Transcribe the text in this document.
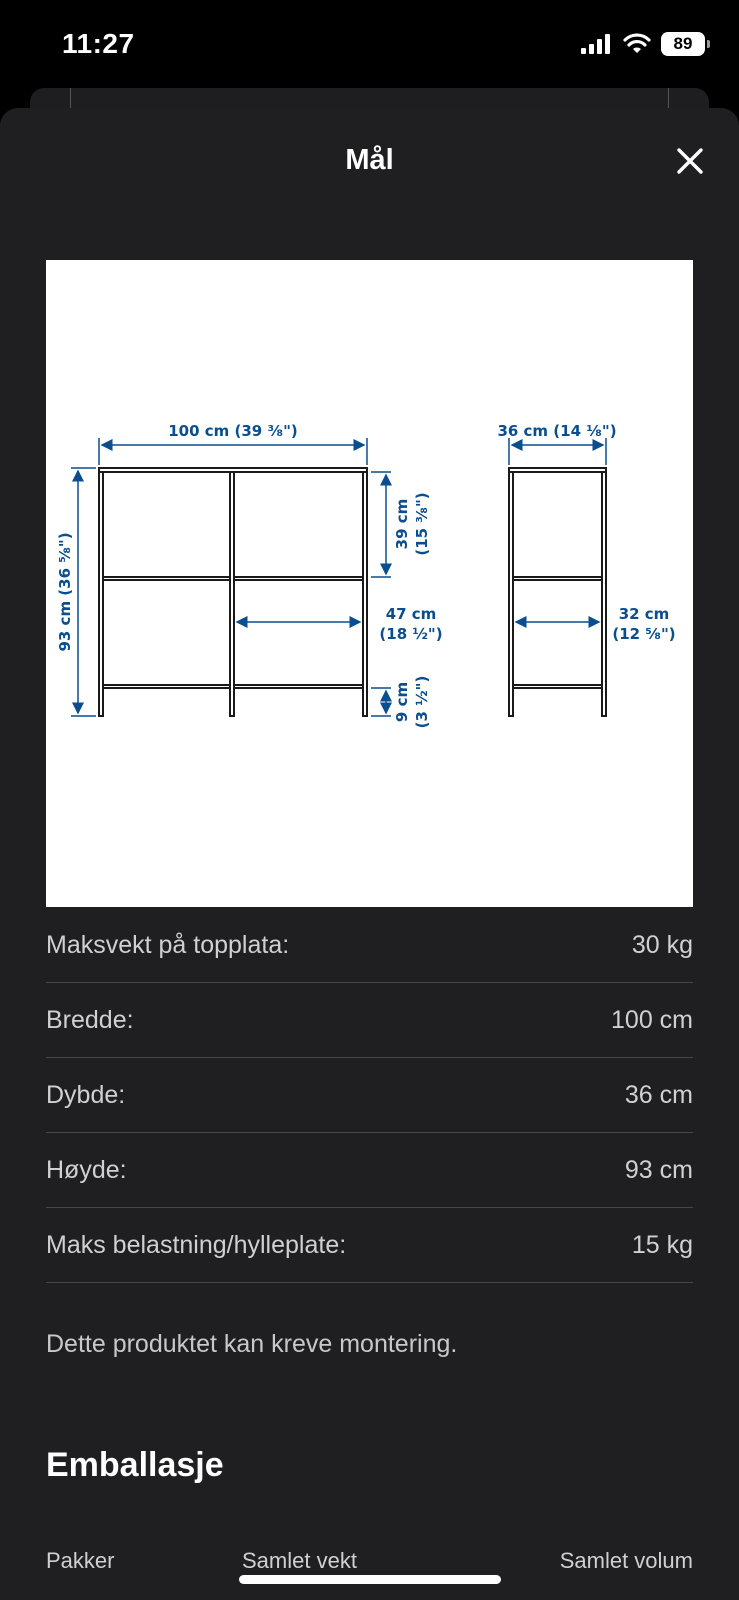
11:27	89
Mål
100 cm (39 ³⁄₈")
93 cm (36 ⁵⁄₈")
39 cm (15 ³⁄₈")
47 cm
(18 ½")
9 cm (3 ½")
36 cm (14 ¹⁄₈")
32 cm
(12 ⁵⁄₈")
Maksvekt på topplata:	30 kg
Bredde:	100 cm
Dybde:	36 cm
Høyde:	93 cm
Maks belastning/hylleplate:	15 kg
Dette produktet kan kreve montering.
Emballasje
Pakker	Samlet vekt	Samlet volum
